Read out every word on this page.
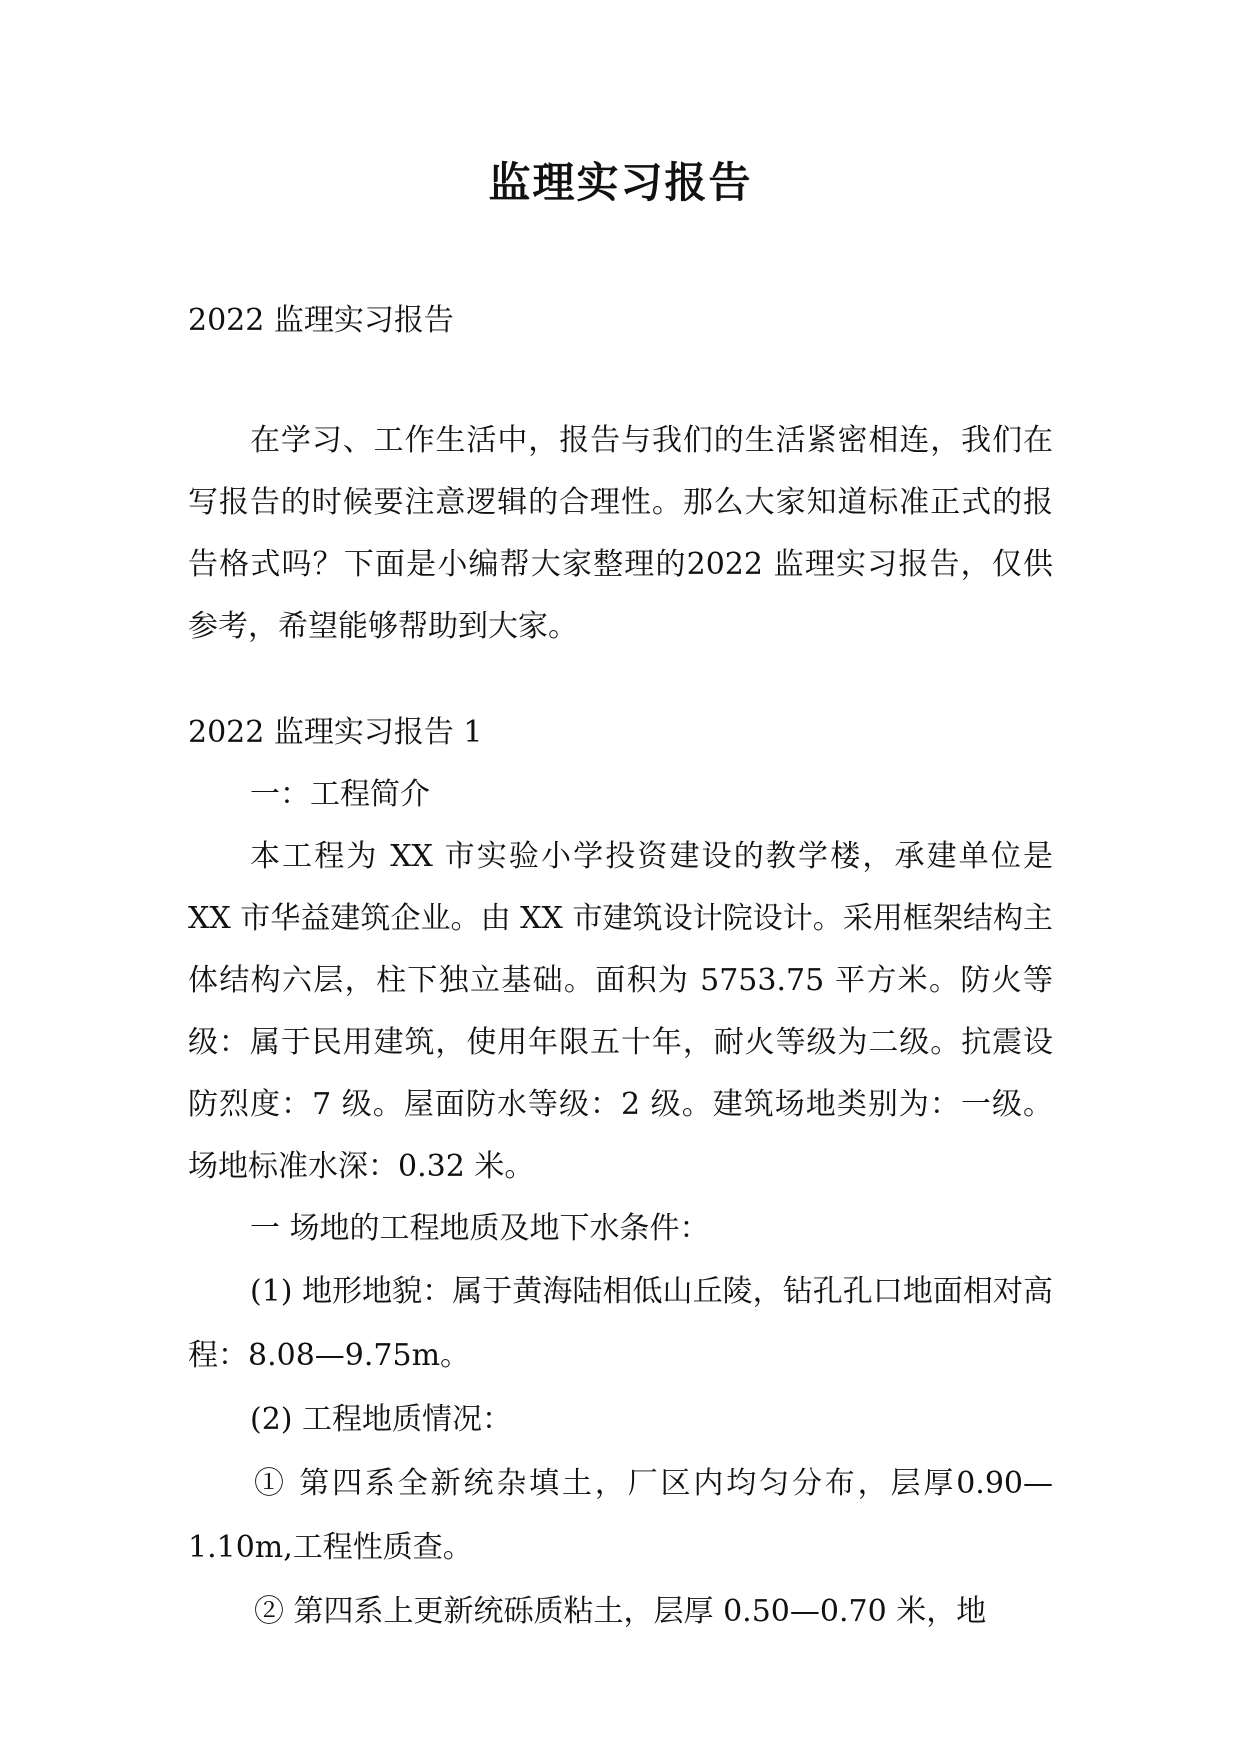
监理实习报告

2022 监理实习报告

在学习、工作生活中，报告与我们的生活紧密相连，我们在写报告的时候要注意逻辑的合理性。那么大家知道标准正式的报告格式吗？下面是小编帮大家整理的2022 监理实习报告，仅供参考，希望能够帮助到大家。

2022 监理实习报告 1

一：工程简介

本工程为 XX 市实验小学投资建设的教学楼，承建单位是 XX 市华益建筑企业。由 XX 市建筑设计院设计。采用框架结构主体结构六层，柱下独立基础。面积为 5753.75 平方米。防火等级：属于民用建筑，使用年限五十年，耐火等级为二级。抗震设防烈度：7 级。屋面防水等级：2 级。建筑场地类别为：一级。场地标准水深：0.32 米。

一 场地的工程地质及地下水条件：

(1) 地形地貌：属于黄海陆相低山丘陵，钻孔孔口地面相对高程：8.08—9.75m。

(2) 工程地质情况：

① 第四系全新统杂填土，厂区内均匀分布，层厚0.90—1.10m,工程性质查。

② 第四系上更新统砾质粘土，层厚 0.50—0.70 米，地
